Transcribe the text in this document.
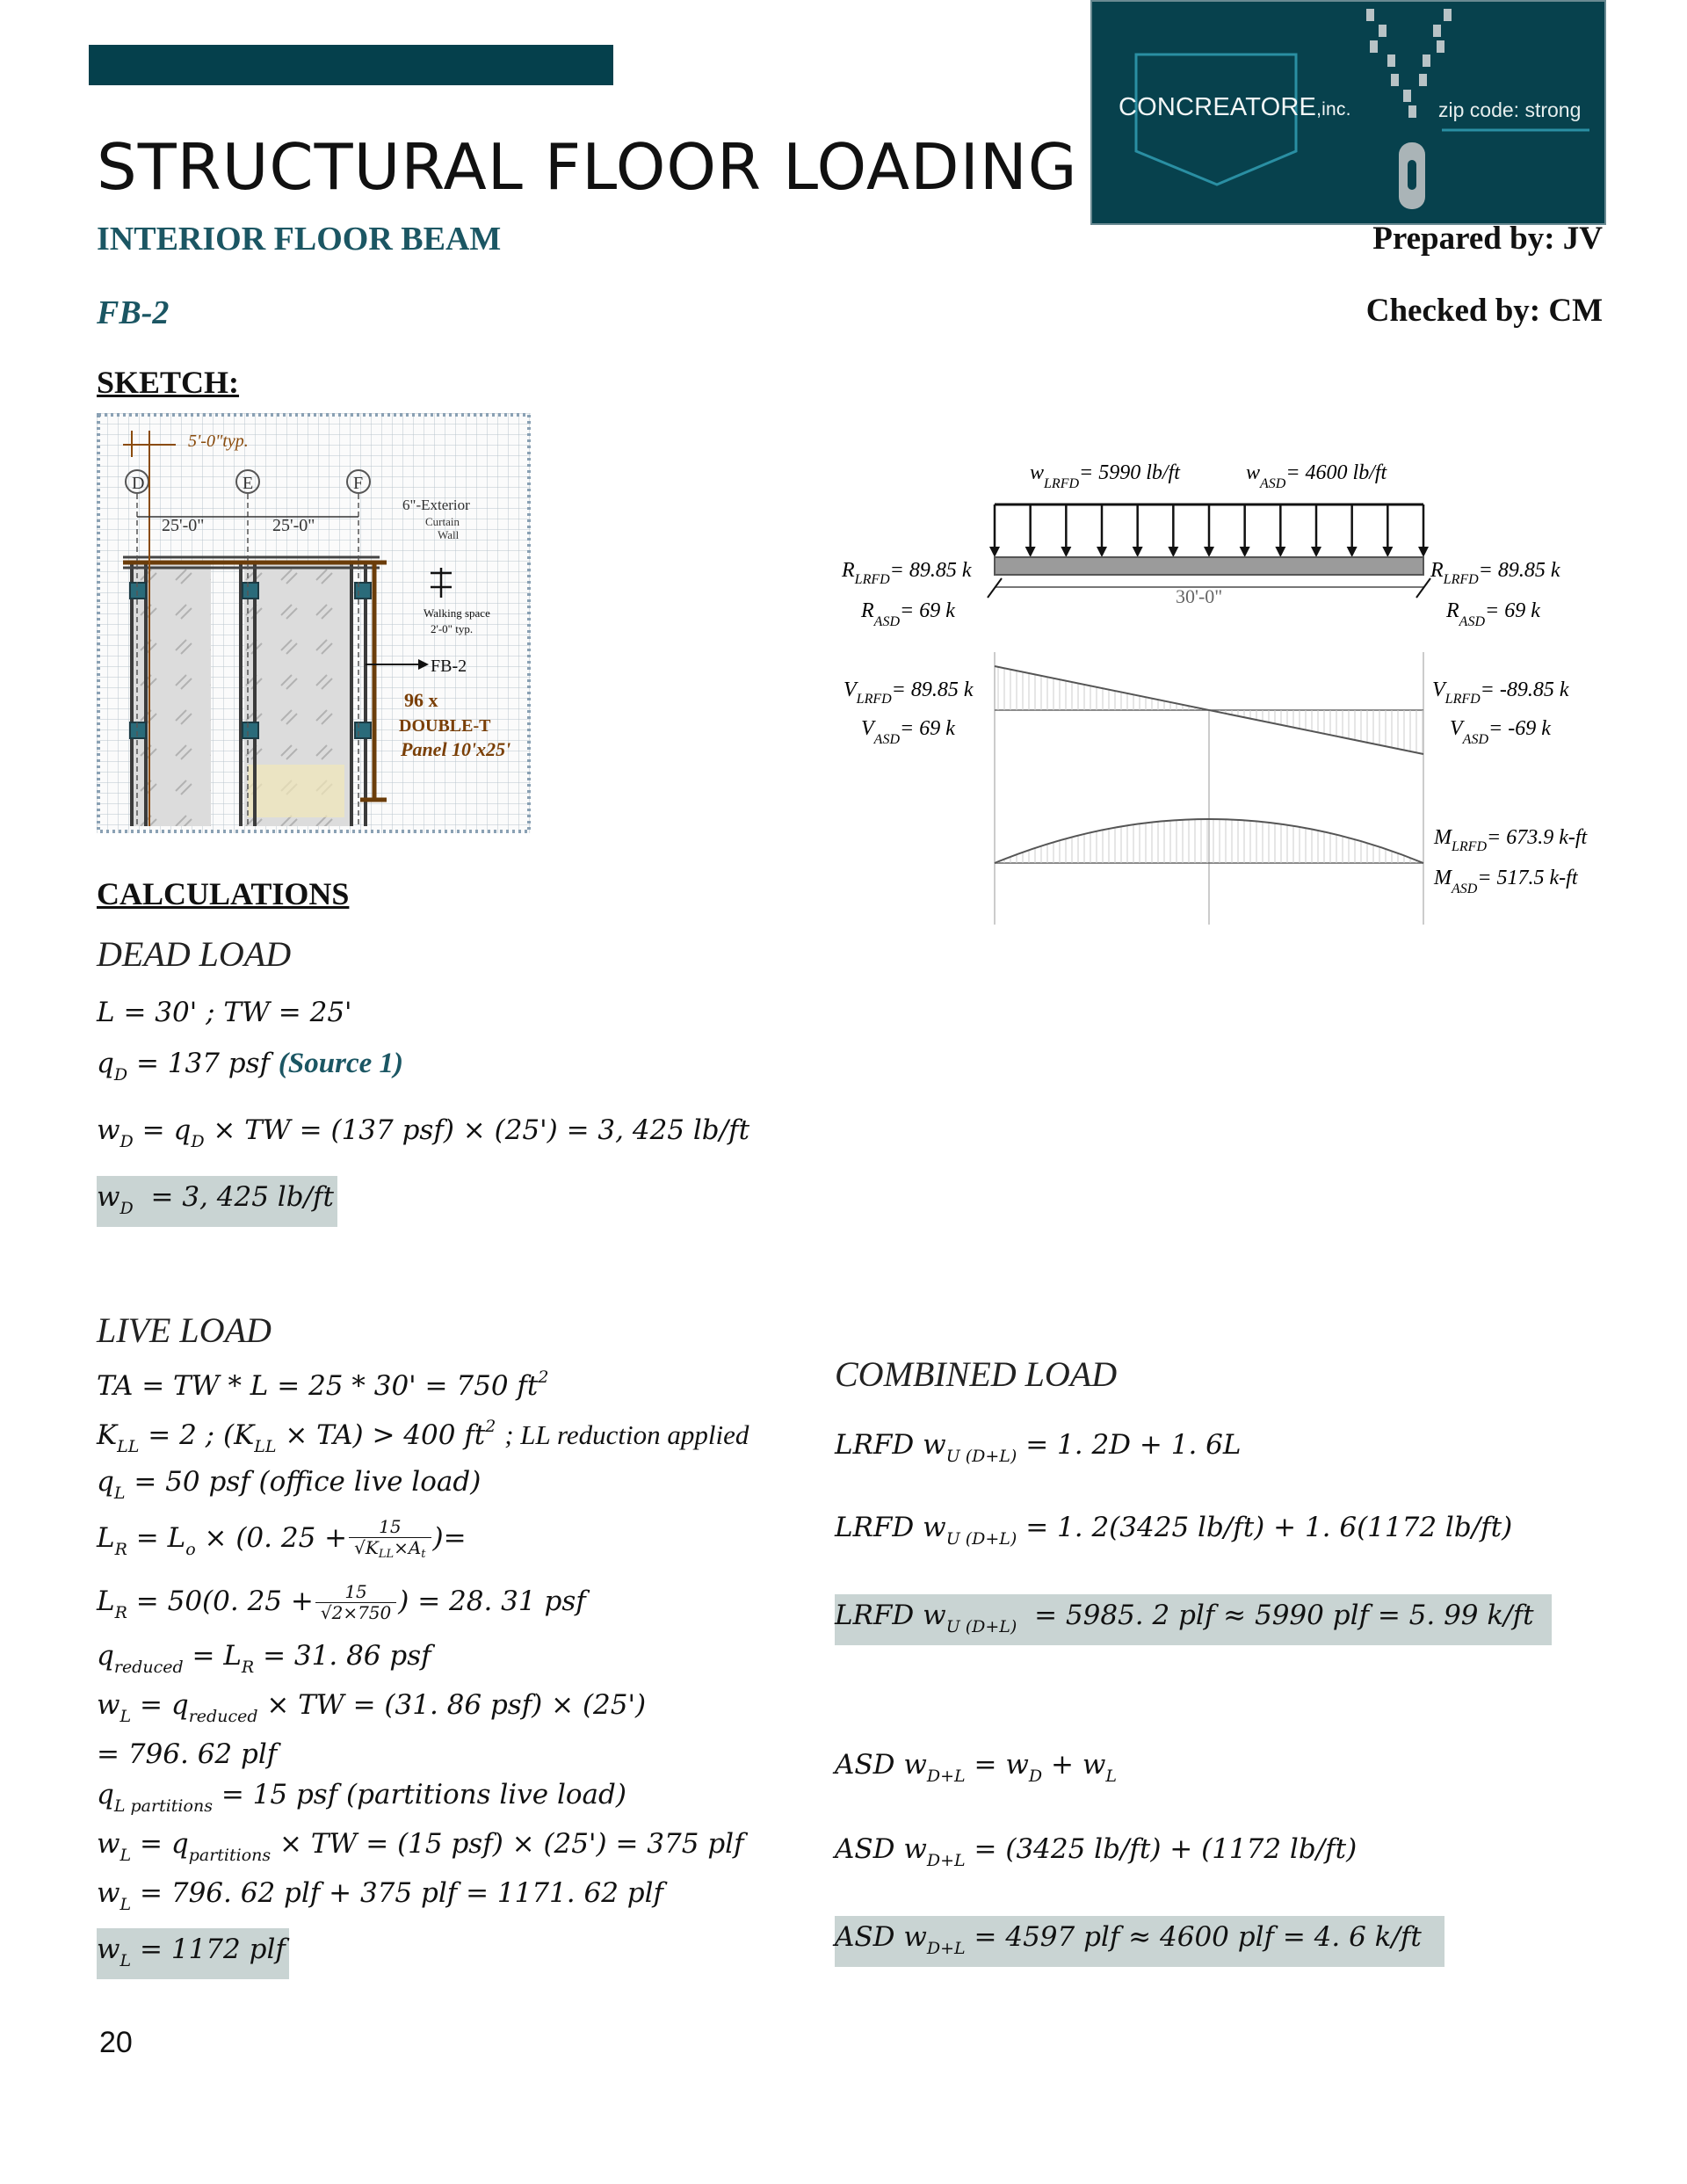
CONCREATORE,inc.	zip code: strong
STRUCTURAL FLOOR LOADING
INTERIOR FLOOR BEAM
FB-2
Prepared by: JV
Checked by: CM
SKETCH:
D	E	F
5'-0"typ.
25'-0"	25'-0"
6"-Exterior
Curtain
Wall
Walking space
2'-0" typ.
FB-2
96 x
DOUBLE-T
Panel 10'x25'
$w_{LRFD}= 5990$ lb/ft	$w_{ASD}= 4600$ lb/ft
30'-0"
$R_{LRFD}= 89.85$ k
$R_{ASD}= 69$ k
$R_{LRFD}= 89.85$ k
$R_{ASD}= 69$ k
$V_{LRFD}= 89.85$ k
$V_{ASD}= 69$ k
$V_{LRFD}= -89.85$ k
$V_{ASD}= -69$ k
$M_{LRFD}= 673.9$ k-ft
$M_{ASD}= 517.5$ k-ft
CALCULATIONS
DEAD LOAD
L = 30' ; TW = 25'
$q_D = 137$ psf (Source 1)
$w_D = q_D$ × TW = (137 psf) × (25') = 3, 425 lb/ft
$w_D = 3$, 425 lb/ft
LIVE LOAD
TA = TW * L = 25 * 30' = 750 $ft^2$
$K_{LL} = 2$ ; $(K_{LL} \times TA) > 400$ $ft^2$ ; LL reduction applied
$q_L = 50$ psf (office live load)
$L_R = L_o \times (0$. $25 + \frac{15}{√K_{LL}\times A_t}$ )=
$L_R = 50(0$. $25 + \frac{15}{√2\times 750}$ ) = 28. 31 psf
$q_{reduced} = L_R = 31$. 86 psf
$w_L = q_{reduced}$ × TW = (31. 86 psf) × (25')
= 796. 62 plf
$q_{L partitions} = 15$ psf (partitions live load)
$w_L = q_{partitions}$ × TW = (15 psf) × (25') = 375 plf
$w_L = 796$. 62 plf + 375 plf = 1171. 62 plf
$w_L = 1172$ plf
COMBINED LOAD
LRFD $w_{U (D+L)} = 1$. 2D + 1. 6L
LRFD $w_{U (D+L)} = 1$. 2(3425 lb/ft) + 1. 6(1172 lb/ft)
LRFD $w_{U (D+L)} = 5985$. 2 plf ≈ 5990 plf = 5. 99 k/ft
ASD $w_{D+L} = w_D + w_L$
ASD $w_{D+L} = (3425$ lb/ft) + (1172 lb/ft)
ASD $w_{D+L} = 4597$ plf ≈ 4600 plf = 4. 6 k/ft
20
